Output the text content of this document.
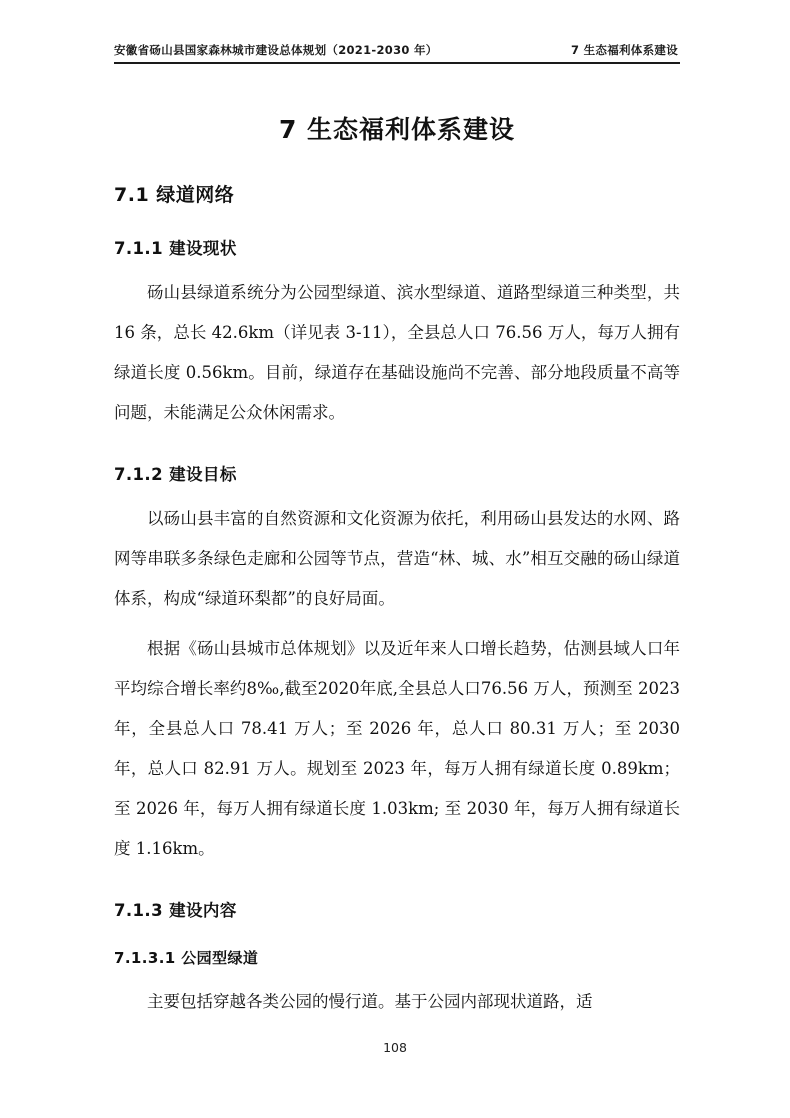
安徽省砀山县国家森林城市建设总体规划（2021-2030 年）	7 生态福利体系建设
7 生态福利体系建设
7.1 绿道网络
7.1.1 建设现状

砀山县绿道系统分为公园型绿道、滨水型绿道、道路型绿道三种类型，共 16 条，总长 42.6km（详见表 3-11），全县总人口 76.56 万人，每万人拥有绿道长度 0.56km。目前，绿道存在基础设施尚不完善、部分地段质量不高等问题，未能满足公众休闲需求。

7.1.2 建设目标

以砀山县丰富的自然资源和文化资源为依托，利用砀山县发达的水网、路网等串联多条绿色走廊和公园等节点，营造“林、城、水”相互交融的砀山绿道体系，构成“绿道环梨都”的良好局面。

根据《砀山县城市总体规划》以及近年来人口增长趋势，估测县域人口年平均综合增长率约8‰,截至2020年底,全县总人口76.56 万人，预测至 2023 年，全县总人口 78.41 万人；至 2026 年，总人口 80.31 万人；至 2030 年，总人口 82.91 万人。规划至 2023 年，每万人拥有绿道长度 0.89km；至 2026 年，每万人拥有绿道长度 1.03km; 至 2030 年，每万人拥有绿道长度 1.16km。

7.1.3 建设内容
7.1.3.1 公园型绿道

主要包括穿越各类公园的慢行道。基于公园内部现状道路，适

108
